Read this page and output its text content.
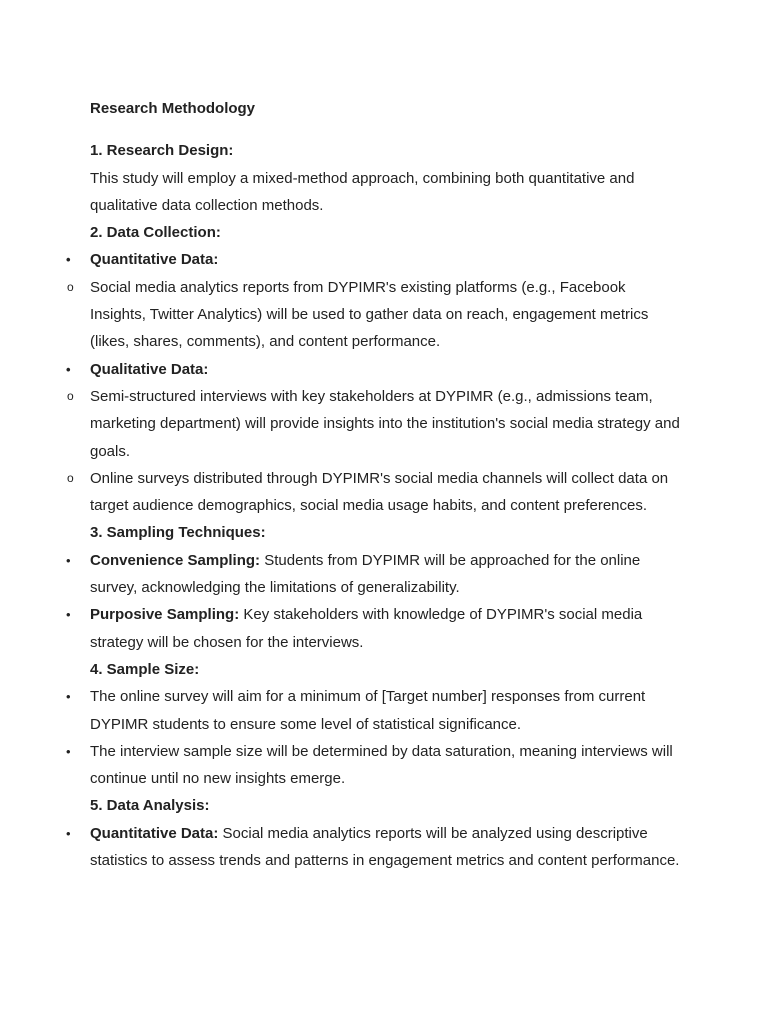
Research Methodology
1. Research Design:
This study will employ a mixed-method approach, combining both quantitative and qualitative data collection methods.
2. Data Collection:
•	Quantitative Data:
o	Social media analytics reports from DYPIMR's existing platforms (e.g., Facebook Insights, Twitter Analytics) will be used to gather data on reach, engagement metrics (likes, shares, comments), and content performance.
•	Qualitative Data:
o	Semi-structured interviews with key stakeholders at DYPIMR (e.g., admissions team, marketing department) will provide insights into the institution's social media strategy and goals.
o	Online surveys distributed through DYPIMR's social media channels will collect data on target audience demographics, social media usage habits, and content preferences.
3. Sampling Techniques:
•	Convenience Sampling: Students from DYPIMR will be approached for the online survey, acknowledging the limitations of generalizability.
•	Purposive Sampling: Key stakeholders with knowledge of DYPIMR's social media strategy will be chosen for the interviews.
4. Sample Size:
•	The online survey will aim for a minimum of [Target number] responses from current DYPIMR students to ensure some level of statistical significance.
•	The interview sample size will be determined by data saturation, meaning interviews will continue until no new insights emerge.
5. Data Analysis:
•	Quantitative Data: Social media analytics reports will be analyzed using descriptive statistics to assess trends and patterns in engagement metrics and content performance.
